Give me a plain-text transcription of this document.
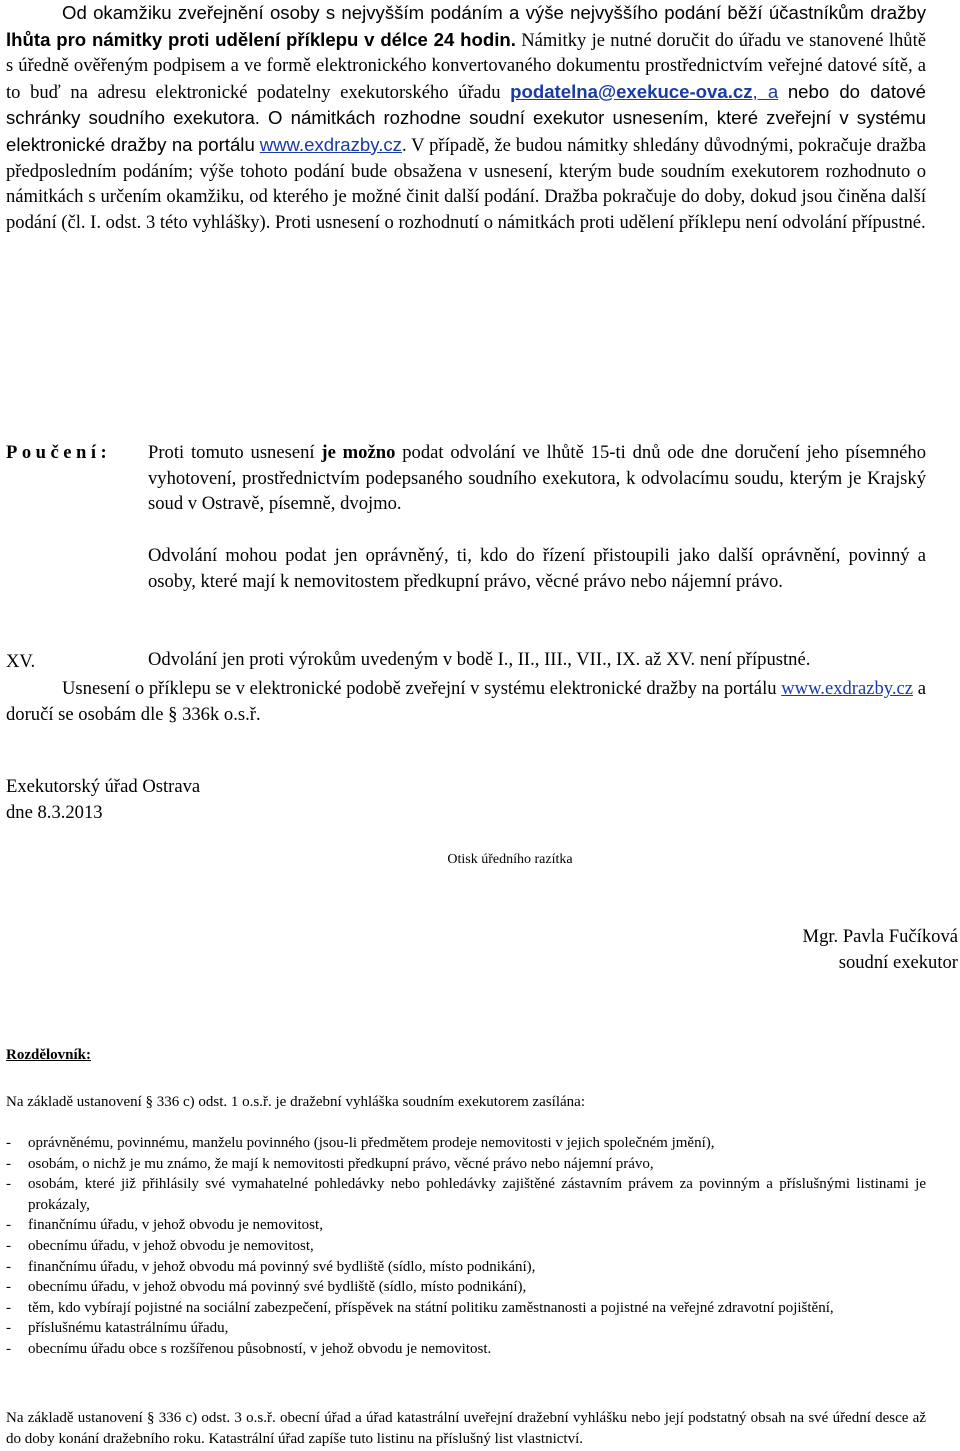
Od okamžiku zveřejnění osoby s nejvyšším podáním a výše nejvyššího podání běží účastníkům dražby lhůta pro námitky proti udělení příklepu v délce 24 hodin. Námitky je nutné doručit do úřadu ve stanovené lhůtě s úředně ověřeným podpisem a ve formě elektronického konvertovaného dokumentu prostřednictvím veřejné datové sítě, a to buď na adresu elektronické podatelny exekutorského úřadu podatelna@exekuce-ova.cz, a nebo do datové schránky soudního exekutora. O námitkách rozhodne soudní exekutor usnesením, které zveřejní v systému elektronické dražby na portálu www.exdrazby.cz. V případě, že budou námitky shledány důvodnými, pokračuje dražba předposledním podáním; výše tohoto podání bude obsažena v usnesení, kterým bude soudním exekutorem rozhodnuto o námitkách s určením okamžiku, od kterého je možné činit další podání. Dražba pokračuje do doby, dokud jsou činěna další podání (čl. I. odst. 3 této vyhlášky). Proti usnesení o rozhodnutí o námitkách proti udělení příklepu není odvolání přípustné.

XV.

Usnesení o příklepu se v elektronické podobě zveřejní v systému elektronické dražby na portálu www.exdrazby.cz a doručí se osobám dle § 336k o.s.ř.

Poučení: Proti tomuto usnesení je možno podat odvolání ve lhůtě 15-ti dnů ode dne doručení jeho písemného vyhotovení, prostřednictvím podepsaného soudního exekutora, k odvolacímu soudu, kterým je Krajský soud v Ostravě, písemně, dvojmo.

Odvolání mohou podat jen oprávněný, ti, kdo do řízení přistoupili jako další oprávnění, povinný a osoby, které mají k nemovitostem předkupní právo, věcné právo nebo nájemní právo.

Odvolání jen proti výrokům uvedeným v bodě I., II., III., VII., IX. až XV. není přípustné.

Exekutorský úřad Ostrava
dne 8.3.2013
Otisk úředního razítka
Mgr. Pavla Fučíková
soudní exekutor
Rozdělovník:
Na základě ustanovení § 336 c) odst. 1 o.s.ř. je dražební vyhláška soudním exekutorem zasílána:
- oprávněnému, povinnému, manželu povinného (jsou-li předmětem prodeje nemovitosti v jejich společném jmění),
- osobám, o nichž je mu známo, že mají k nemovitosti předkupní právo, věcné právo nebo nájemní právo,
- osobám, které již přihlásily své vymahatelné pohledávky nebo pohledávky zajištěné zástavním právem za povinným a příslušnými listinami je prokázaly,
- finančnímu úřadu, v jehož obvodu je nemovitost,
- obecnímu úřadu, v jehož obvodu je nemovitost,
- finančnímu úřadu, v jehož obvodu má povinný své bydliště (sídlo, místo podnikání),
- obecnímu úřadu, v jehož obvodu má povinný své bydliště (sídlo, místo podnikání),
- těm, kdo vybírají pojistné na sociální zabezpečení, příspěvek na státní politiku zaměstnanosti a pojistné na veřejné zdravotní pojištění,
- příslušnému katastrálnímu úřadu,
- obecnímu úřadu obce s rozšířenou působností, v jehož obvodu je nemovitost.

Na základě ustanovení § 336 c) odst. 3 o.s.ř. obecní úřad a úřad katastrální uveřejní dražební vyhlášku nebo její podstatný obsah na své úřední desce až do doby konání dražebního roku. Katastrální úřad zapíše tuto listinu na příslušný list vlastnictví.
